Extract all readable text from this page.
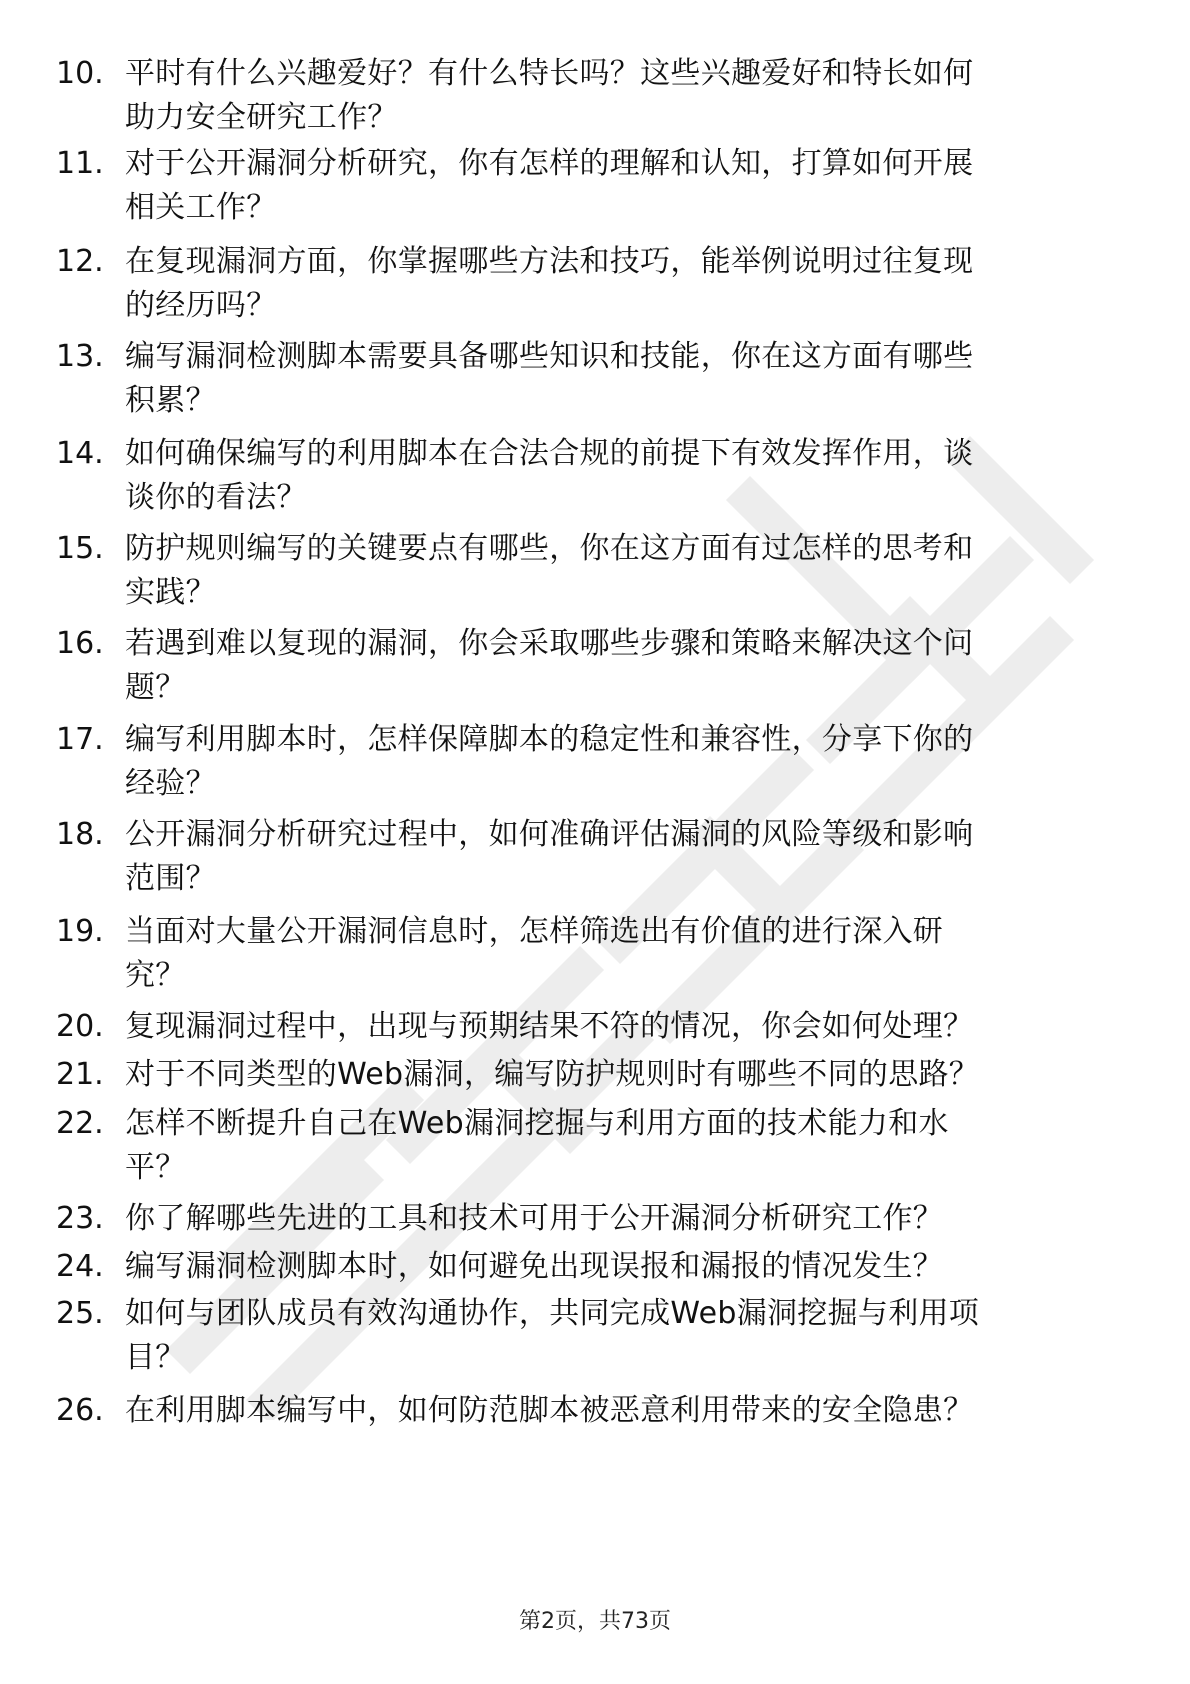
10. 平时有什么兴趣爱好？有什么特长吗？这些兴趣爱好和特长如何
助力安全研究工作？
11. 对于公开漏洞分析研究，你有怎样的理解和认知，打算如何开展
相关工作？
12. 在复现漏洞方面，你掌握哪些方法和技巧，能举例说明过往复现
的经历吗？
13. 编写漏洞检测脚本需要具备哪些知识和技能，你在这方面有哪些
积累？
14. 如何确保编写的利用脚本在合法合规的前提下有效发挥作用，谈
谈你的看法？
15. 防护规则编写的关键要点有哪些，你在这方面有过怎样的思考和
实践？
16. 若遇到难以复现的漏洞，你会采取哪些步骤和策略来解决这个问
题？
17. 编写利用脚本时，怎样保障脚本的稳定性和兼容性，分享下你的
经验？
18. 公开漏洞分析研究过程中，如何准确评估漏洞的风险等级和影响
范围？
19. 当面对大量公开漏洞信息时，怎样筛选出有价值的进行深入研
究？
20. 复现漏洞过程中，出现与预期结果不符的情况，你会如何处理？
21. 对于不同类型的Web漏洞，编写防护规则时有哪些不同的思路？
22. 怎样不断提升自己在Web漏洞挖掘与利用方面的技术能力和水
平？
23. 你了解哪些先进的工具和技术可用于公开漏洞分析研究工作？
24. 编写漏洞检测脚本时，如何避免出现误报和漏报的情况发生？
25. 如何与团队成员有效沟通协作，共同完成Web漏洞挖掘与利用项
目？
26. 在利用脚本编写中，如何防范脚本被恶意利用带来的安全隐患？
第2页，共73页
